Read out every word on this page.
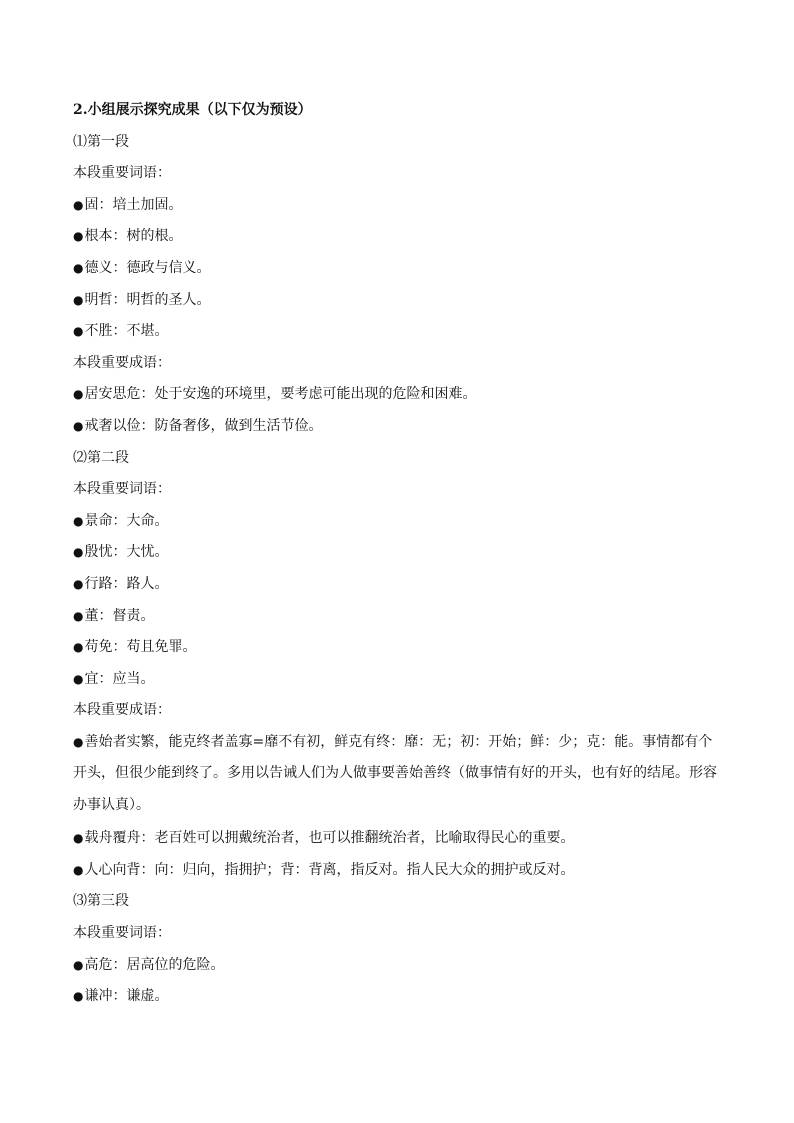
2.小组展示探究成果（以下仅为预设）
⑴第一段
本段重要词语：
●固：培土加固。
●根本：树的根。
●德义：德政与信义。
●明哲：明哲的圣人。
●不胜：不堪。
本段重要成语：
●居安思危：处于安逸的环境里，要考虑可能出现的危险和困难。
●戒奢以俭：防备奢侈，做到生活节俭。
⑵第二段
本段重要词语：
●景命：大命。
●殷忧：大忧。
●行路：路人。
●董：督责。
●苟免：苟且免罪。
●宜：应当。
本段重要成语：
●善始者实繁，能克终者盖寡=靡不有初，鲜克有终：靡：无；初：开始；鲜：少；克：能。事情都有个开头，但很少能到终了。多用以告诫人们为人做事要善始善终（做事情有好的开头，也有好的结尾。形容办事认真）。
●载舟覆舟：老百姓可以拥戴统治者，也可以推翻统治者，比喻取得民心的重要。
●人心向背：向：归向，指拥护；背：背离，指反对。指人民大众的拥护或反对。
⑶第三段
本段重要词语：
●高危：居高位的危险。
●谦冲：谦虚。
